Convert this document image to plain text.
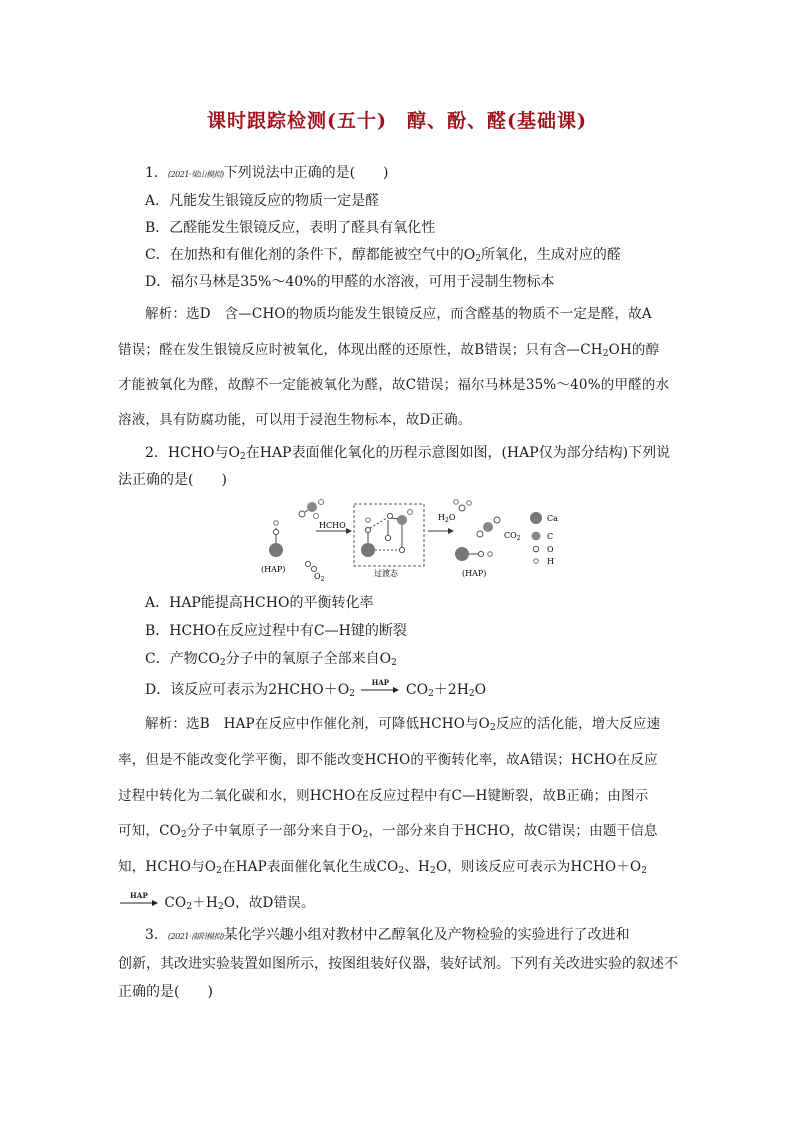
课时跟踪检测(五十)　醇、酚、醛(基础课)
1．(2021·梁山模拟)下列说法中正确的是(　　)
A．凡能发生银镜反应的物质一定是醛
B．乙醛能发生银镜反应，表明了醛具有氧化性
C．在加热和有催化剂的条件下，醇都能被空气中的$O_2$所氧化，生成对应的醛
D．福尔马林是35%～40%的甲醛的水溶液，可用于浸制生物标本
解析：选D　含—CHO的物质均能发生银镜反应，而含醛基的物质不一定是醛，故A
错误；醛在发生银镜反应时被氧化，体现出醛的还原性，故B错误；只有含$—CH_2OH$的醇
才能被氧化为醛，故醇不一定能被氧化为醛，故C错误；福尔马林是35%～40%的甲醛的水
溶液，具有防腐功能，可以用于浸泡生物标本，故D正确。
2．HCHO与$O_2$在HAP表面催化氧化的历程示意图如图，(HAP仅为部分结构)下列说
法正确的是(　　)
(HAP)
$O_2$
HCHO
过渡态
$H_2O$
$CO_2$
(HAP)
Ca
C
O
H
A．HAP能提高HCHO的平衡转化率
B．HCHO在反应过程中有C—H键的断裂
C．产物$CO_2$分子中的氧原子全部来自$O_2$
D．该反应可表示为$2HCHO+O_2$
HAP	$CO_2+2H_2O$
解析：选B　HAP在反应中作催化剂，可降低HCHO与$O_2$反应的活化能，增大反应速
率，但是不能改变化学平衡，即不能改变HCHO的平衡转化率，故A错误；HCHO在反应
过程中转化为二氧化碳和水，则HCHO在反应过程中有C—H键断裂，故B正确；由图示
可知，$CO_2$分子中氧原子一部分来自于$O_2$，一部分来自于HCHO，故C错误；由题干信息
知，HCHO与$O_2$在HAP表面催化氧化生成$CO_2$、$H_2O$，则该反应可表示为$HCHO+O_2$
HAP	$CO_2+H_2O$，故D错误。
3．(2021·南阳模拟)某化学兴趣小组对教材中乙醇氧化及产物检验的实验进行了改进和
创新，其改进实验装置如图所示，按图组装好仪器，装好试剂。下列有关改进实验的叙述不
正确的是(　　)
